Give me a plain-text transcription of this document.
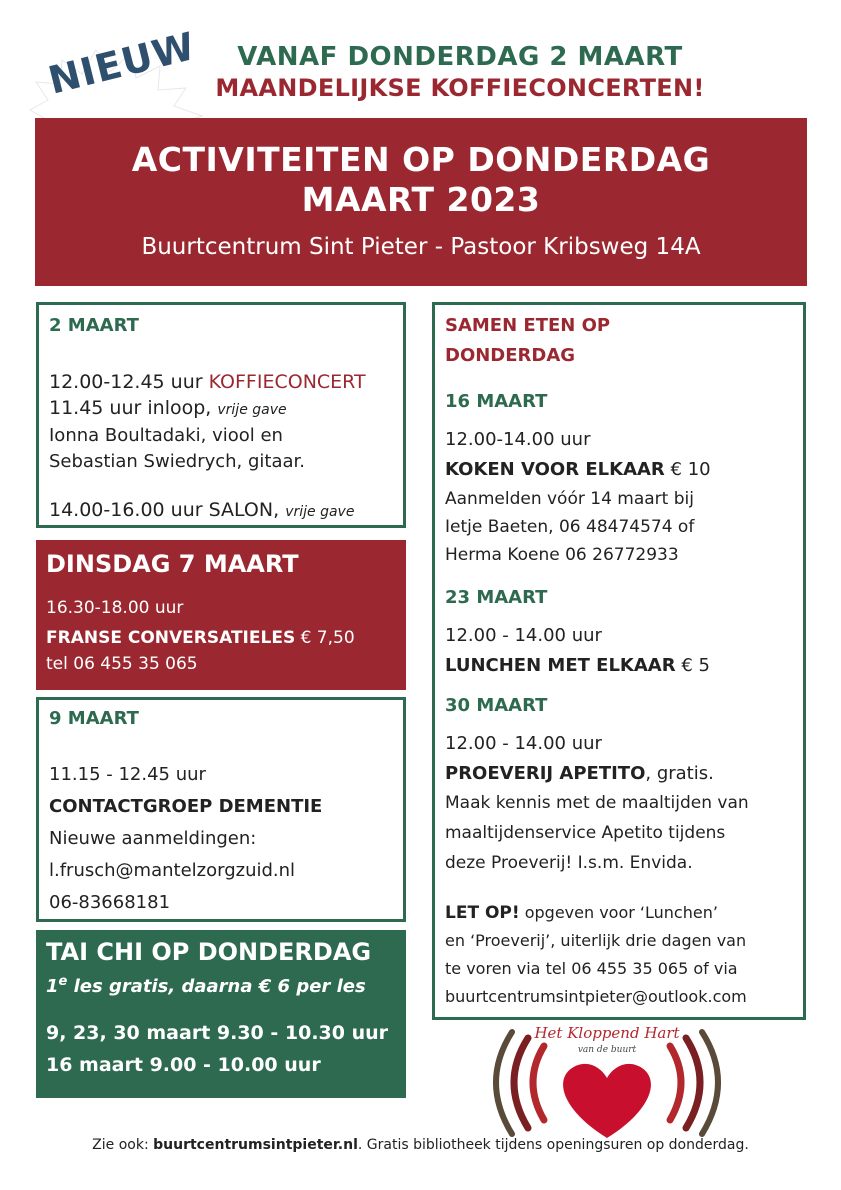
NIEUW	VANAF DONDERDAG 2 MAART
MAANDELIJKSE KOFFIECONCERTEN!
ACTIVITEITEN OP DONDERDAG
MAART 2023
Buurtcentrum Sint Pieter - Pastoor Kribsweg 14A
2 MAART
12.00-12.45 uur KOFFIECONCERT
11.45 uur inloop, vrije gave
Ionna Boultadaki, viool en
Sebastian Swiedrych, gitaar.
14.00-16.00 uur SALON, vrije gave
DINSDAG 7 MAART
16.30-18.00 uur
FRANSE CONVERSATIELES € 7,50
tel 06 455 35 065
9 MAART
11.15 - 12.45 uur
CONTACTGROEP DEMENTIE
Nieuwe aanmeldingen:
l.frusch@mantelzorgzuid.nl
06-83668181
TAI CHI OP DONDERDAG
1e les gratis, daarna € 6 per les
9, 23, 30 maart 9.30 - 10.30 uur
16 maart 9.00 - 10.00 uur
SAMEN ETEN OP
DONDERDAG
16 MAART
12.00-14.00 uur
KOKEN VOOR ELKAAR € 10
Aanmelden vóór 14 maart bij
Ietje Baeten, 06 48474574 of
Herma Koene 06 26772933
23 MAART
12.00 - 14.00 uur
LUNCHEN MET ELKAAR € 5
30 MAART
12.00 - 14.00 uur
PROEVERIJ APETITO, gratis.
Maak kennis met de maaltijden van
maaltijdenservice Apetito tijdens
deze Proeverij! I.s.m. Envida.
LET OP! opgeven voor ‘Lunchen’
en ‘Proeverij’, uiterlijk drie dagen van
te voren via tel 06 455 35 065 of via
buurtcentrumsintpieter@outlook.com
Het Kloppend Hart
van de buurt
Zie ook: buurtcentrumsintpieter.nl. Gratis bibliotheek tijdens openingsuren op donderdag.
